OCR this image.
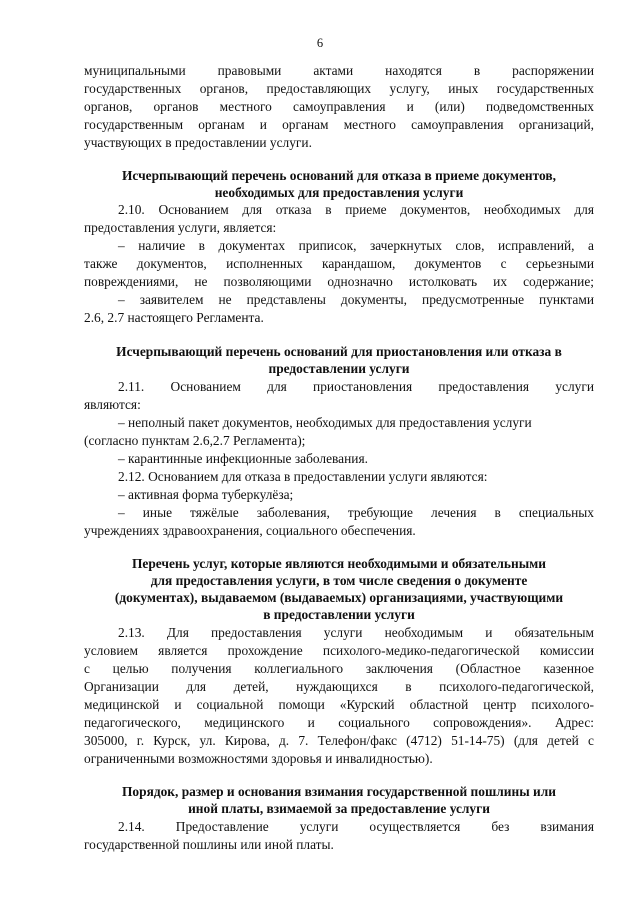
6
муниципальными правовыми актами находятся в распоряжении
государственных органов, предоставляющих услугу, иных государственных
органов, органов местного самоуправления и (или) подведомственных
государственным органам и органам местного самоуправления организаций,
участвующих в предоставлении услуги.
Исчерпывающий перечень оснований для отказа в приеме документов,
необходимых для предоставления услуги
2.10. Основанием для отказа в приеме документов, необходимых для
предоставления услуги, является:
– наличие в документах приписок, зачеркнутых слов, исправлений, а
также документов, исполненных карандашом, документов с серьезными
повреждениями, не позволяющими однозначно истолковать их содержание;
– заявителем не представлены документы, предусмотренные пунктами
2.6, 2.7 настоящего Регламента.
Исчерпывающий перечень оснований для приостановления или отказа в
предоставлении услуги
2.11. Основанием для приостановления предоставления услуги
являются:
– неполный пакет документов, необходимых для предоставления услуги
(согласно пунктам 2.6,2.7 Регламента);
– карантинные инфекционные заболевания.
2.12. Основанием для отказа в предоставлении услуги являются:
– активная форма туберкулёза;
– иные тяжёлые заболевания, требующие лечения в специальных
учреждениях здравоохранения, социального обеспечения.
Перечень услуг, которые являются необходимыми и обязательными
для предоставления услуги, в том числе сведения о документе
(документах), выдаваемом (выдаваемых) организациями, участвующими
в предоставлении услуги
2.13. Для предоставления услуги необходимым и обязательным
условием является прохождение психолого-медико-педагогической комиссии
с целью получения коллегиального заключения (Областное казенное
Организации для детей, нуждающихся в психолого-педагогической,
медицинской и социальной помощи «Курский областной центр психолого-
педагогического, медицинского и социального сопровождения». Адрес:
305000, г. Курск, ул. Кирова, д. 7. Телефон/факс (4712) 51-14-75) (для детей с
ограниченными возможностями здоровья и инвалидностью).
Порядок, размер и основания взимания государственной пошлины или
иной платы, взимаемой за предоставление услуги
2.14. Предоставление услуги осуществляется без взимания
государственной пошлины или иной платы.
